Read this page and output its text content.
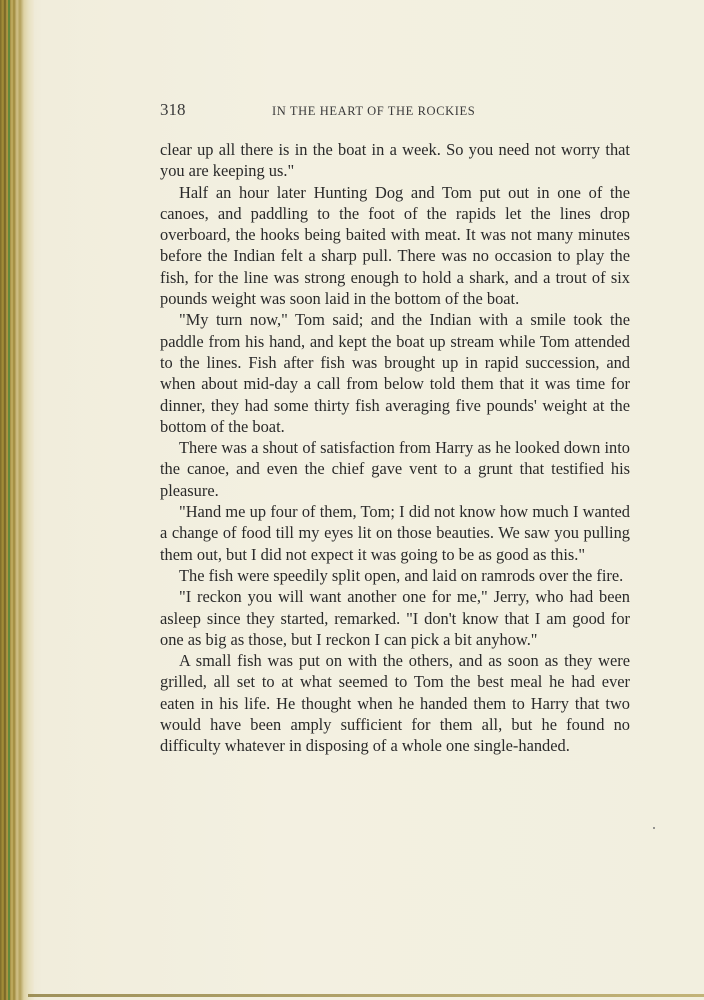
318	IN THE HEART OF THE ROCKIES

clear up all there is in the boat in a week. So you need not worry that you are keeping us."

Half an hour later Hunting Dog and Tom put out in one of the canoes, and paddling to the foot of the rapids let the lines drop overboard, the hooks being baited with meat. It was not many minutes before the Indian felt a sharp pull. There was no occasion to play the fish, for the line was strong enough to hold a shark, and a trout of six pounds weight was soon laid in the bottom of the boat.

"My turn now," Tom said; and the Indian with a smile took the paddle from his hand, and kept the boat up stream while Tom attended to the lines. Fish after fish was brought up in rapid succession, and when about mid-day a call from below told them that it was time for dinner, they had some thirty fish averaging five pounds' weight at the bottom of the boat.

There was a shout of satisfaction from Harry as he looked down into the canoe, and even the chief gave vent to a grunt that testified his pleasure.

"Hand me up four of them, Tom; I did not know how much I wanted a change of food till my eyes lit on those beauties. We saw you pulling them out, but I did not expect it was going to be as good as this."

The fish were speedily split open, and laid on ramrods over the fire.

"I reckon you will want another one for me," Jerry, who had been asleep since they started, remarked. "I don't know that I am good for one as big as those, but I reckon I can pick a bit anyhow."

A small fish was put on with the others, and as soon as they were grilled, all set to at what seemed to Tom the best meal he had ever eaten in his life. He thought when he handed them to Harry that two would have been amply sufficient for them all, but he found no difficulty whatever in disposing of a whole one single-handed.
